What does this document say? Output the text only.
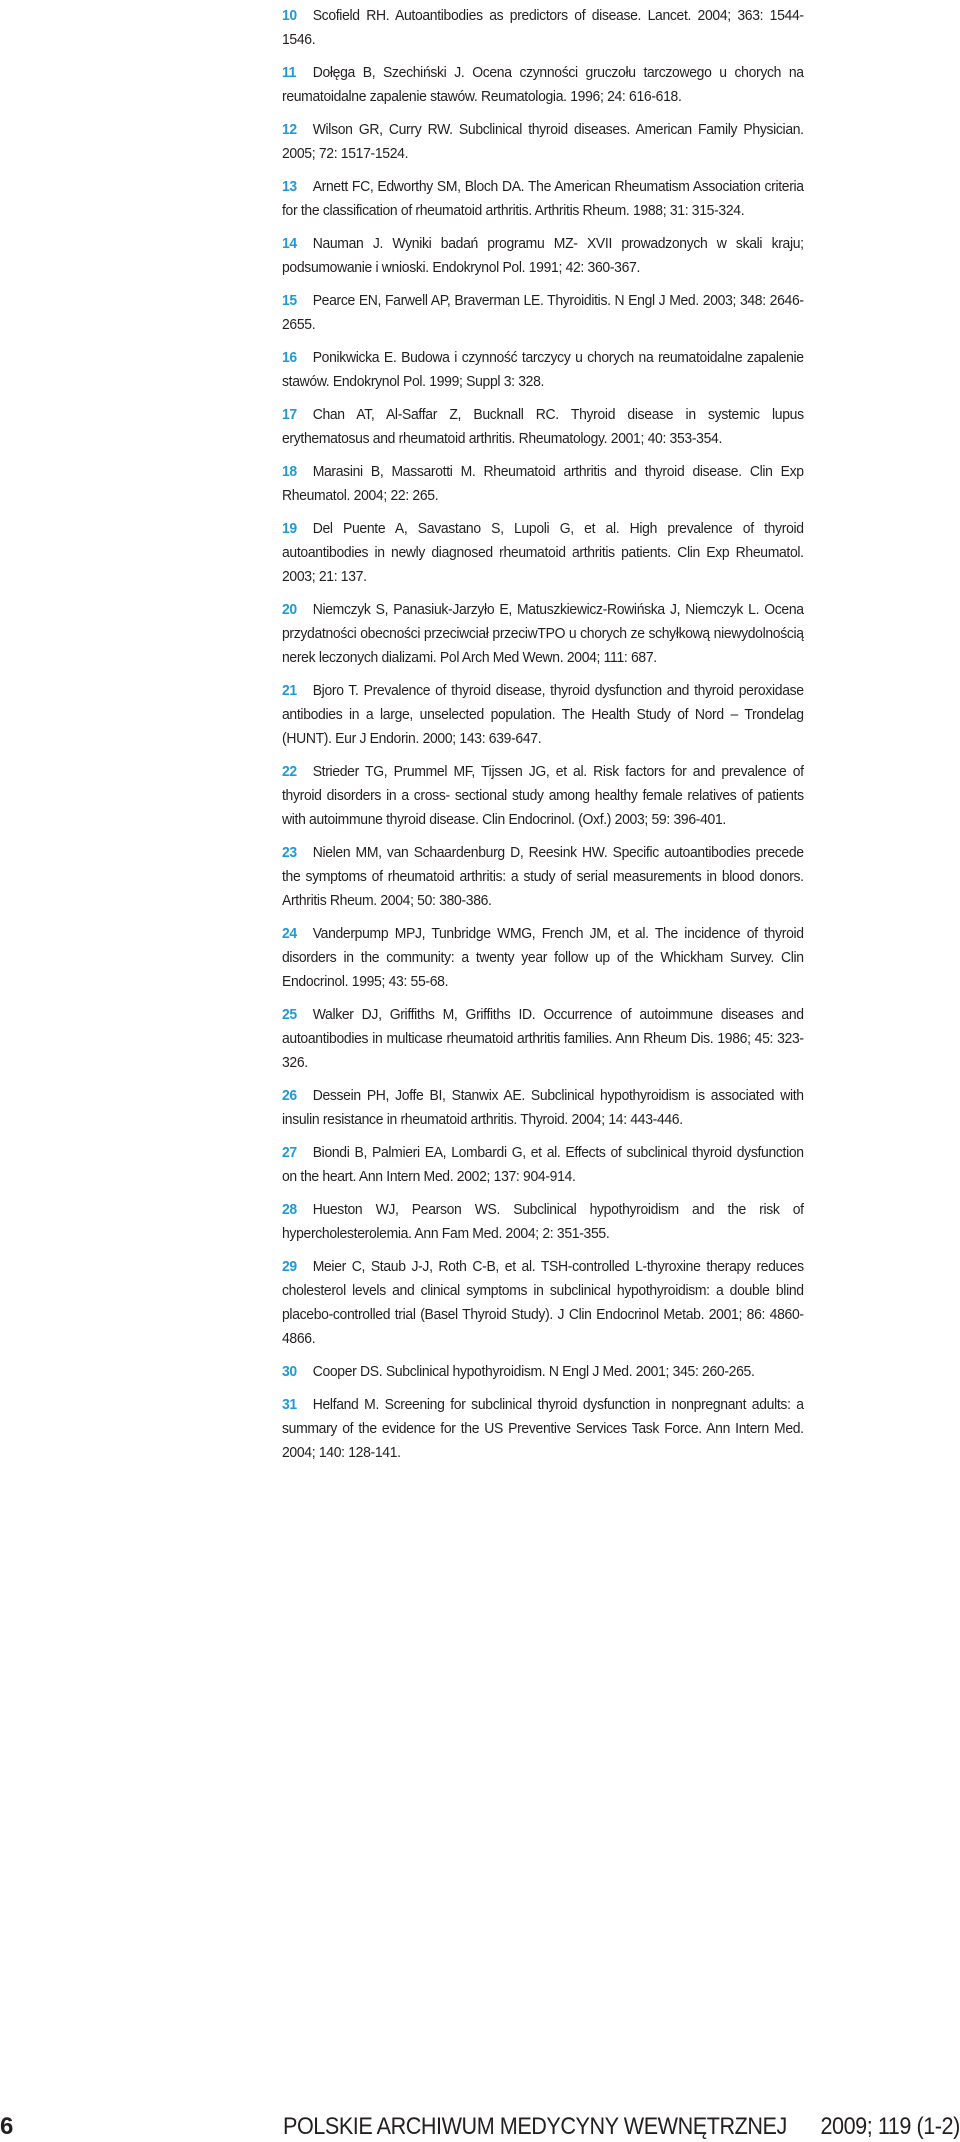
10 Scofield RH. Autoantibodies as predictors of disease. Lancet. 2004; 363: 1544-1546.

11 Dołęga B, Szechiński J. Ocena czynności gruczołu tarczowego u chorych na reumatoidalne zapalenie stawów. Reumatologia. 1996; 24: 616-618.

12 Wilson GR, Curry RW. Subclinical thyroid diseases. American Family Physician. 2005; 72: 1517-1524.

13 Arnett FC, Edworthy SM, Bloch DA. The American Rheumatism Association criteria for the classification of rheumatoid arthritis. Arthritis Rheum. 1988; 31: 315-324.

14 Nauman J. Wyniki badań programu MZ- XVII prowadzonych w skali kraju; podsumowanie i wnioski. Endokrynol Pol. 1991; 42: 360-367.

15 Pearce EN, Farwell AP, Braverman LE. Thyroiditis. N Engl J Med. 2003; 348: 2646-2655.

16 Ponikwicka E. Budowa i czynność tarczycy u chorych na reumatoidalne zapalenie stawów. Endokrynol Pol. 1999; Suppl 3: 328.

17 Chan AT, Al-Saffar Z, Bucknall RC. Thyroid disease in systemic lupus erythematosus and rheumatoid arthritis. Rheumatology. 2001; 40: 353-354.

18 Marasini B, Massarotti M. Rheumatoid arthritis and thyroid disease. Clin Exp Rheumatol. 2004; 22: 265.

19 Del Puente A, Savastano S, Lupoli G, et al. High prevalence of thyroid autoantibodies in newly diagnosed rheumatoid arthritis patients. Clin Exp Rheumatol. 2003; 21: 137.

20 Niemczyk S, Panasiuk-Jarzyło E, Matuszkiewicz-Rowińska J, Niemczyk L. Ocena przydatności obecności przeciwciał przeciwTPO u chorych ze schyłkową niewydolnością nerek leczonych dializami. Pol Arch Med Wewn. 2004; 111: 687.

21 Bjoro T. Prevalence of thyroid disease, thyroid dysfunction and thyroid peroxidase antibodies in a large, unselected population. The Health Study of Nord – Trondelag (HUNT). Eur J Endorin. 2000; 143: 639-647.

22 Strieder TG, Prummel MF, Tijssen JG, et al. Risk factors for and prevalence of thyroid disorders in a cross- sectional study among healthy female relatives of patients with autoimmune thyroid disease. Clin Endocrinol. (Oxf.) 2003; 59: 396-401.

23 Nielen MM, van Schaardenburg D, Reesink HW. Specific autoantibodies precede the symptoms of rheumatoid arthritis: a study of serial measurements in blood donors. Arthritis Rheum. 2004; 50: 380-386.

24 Vanderpump MPJ, Tunbridge WMG, French JM, et al. The incidence of thyroid disorders in the community: a twenty year follow up of the Whickham Survey. Clin Endocrinol. 1995; 43: 55-68.

25 Walker DJ, Griffiths M, Griffiths ID. Occurrence of autoimmune diseases and autoantibodies in multicase rheumatoid arthritis families. Ann Rheum Dis. 1986; 45: 323-326.

26 Dessein PH, Joffe BI, Stanwix AE. Subclinical hypothyroidism is associated with insulin resistance in rheumatoid arthritis. Thyroid. 2004; 14: 443-446.

27 Biondi B, Palmieri EA, Lombardi G, et al. Effects of subclinical thyroid dysfunction on the heart. Ann Intern Med. 2002; 137: 904-914.

28 Hueston WJ, Pearson WS. Subclinical hypothyroidism and the risk of hypercholesterolemia. Ann Fam Med. 2004; 2: 351-355.

29 Meier C, Staub J-J, Roth C-B, et al. TSH-controlled L-thyroxine therapy reduces cholesterol levels and clinical symptoms in subclinical hypothyroidism: a double blind placebo-controlled trial (Basel Thyroid Study). J Clin Endocrinol Metab. 2001; 86: 4860-4866.

30 Cooper DS. Subclinical hypothyroidism. N Engl J Med. 2001; 345: 260-265.

31 Helfand M. Screening for subclinical thyroid dysfunction in nonpregnant adults: a summary of the evidence for the US Preventive Services Task Force. Ann Intern Med. 2004; 140: 128-141.

6	POLSKIE ARCHIWUM MEDYCYNY WEWNĘTRZNEJ 2009; 119 (1-2)
